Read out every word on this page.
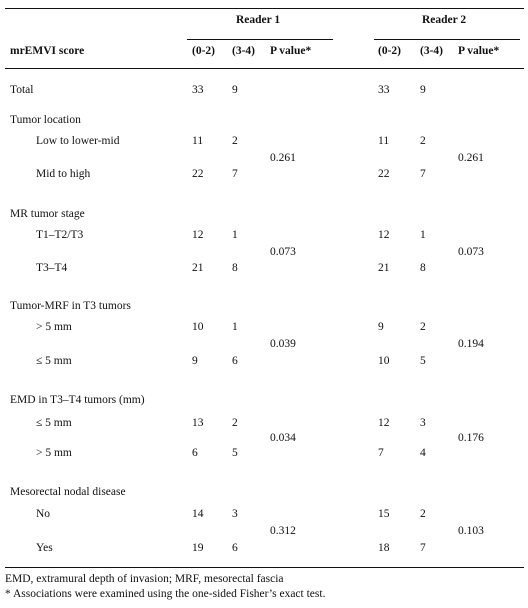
Reader 1	Reader 2
mrEMVI score	(0-2) (3-4) P value*	(0-2) (3-4) P value*
Total	33 9	33	9
Tumor location
Low to lower-mid	11	2	11	2
0.261	0.261
Mid to high	22 7	22	7
MR tumor stage
T1–T2/T3	12 1	12	1
0.073	0.073
T3–T4	21 8	21	8
Tumor-MRF in T3 tumors
> 5 mm	10 1	9	2
0.039	0.194
≤ 5 mm	9	6	10	5
EMD in T3–T4 tumors (mm)
≤ 5 mm	13 2	12	3
0.034	0.176
> 5 mm	6	5	7	4
Mesorectal nodal disease
No	14 3	15	2
0.312	0.103
Yes	19 6	18	7
EMD, extramural depth of invasion; MRF, mesorectal fascia
* Associations were examined using the one-sided Fisher’s exact test.
